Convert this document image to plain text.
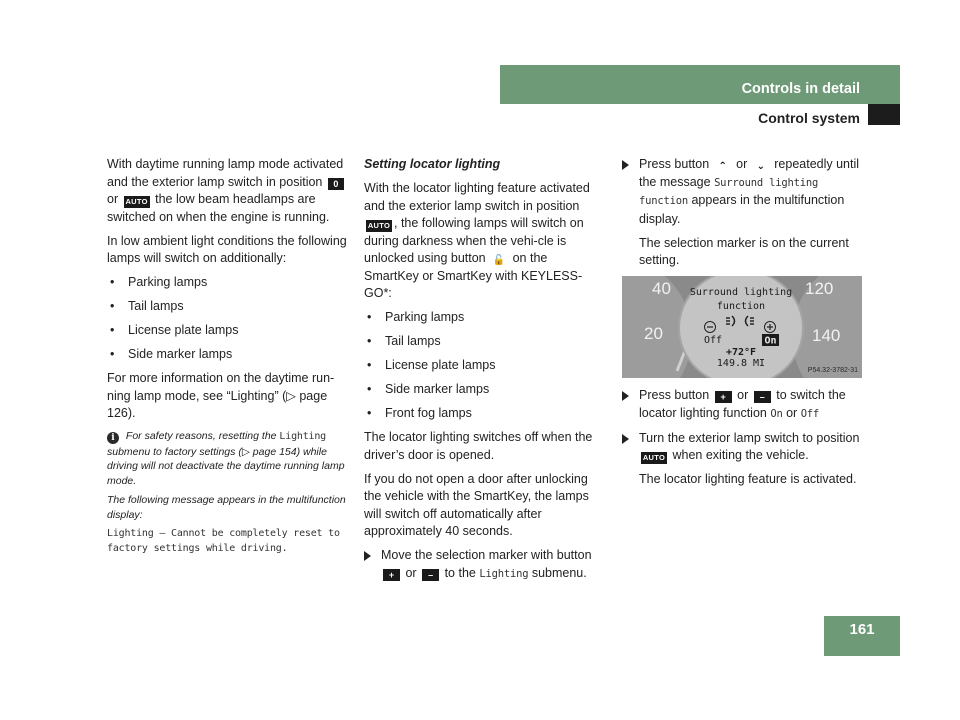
Controls in detail
Control system

With daytime running lamp mode activated and the exterior lamp switch in position 0 or AUTO the low beam headlamps are switched on when the engine is running.

In low ambient light conditions the following lamps will switch on additionally:

• Parking lamps
• Tail lamps
• License plate lamps
• Side marker lamps

For more information on the daytime run-ning lamp mode, see “Lighting” (▷ page 126).

i For safety reasons, resetting the Lighting submenu to factory settings (▷ page 154) while driving will not deactivate the daytime running lamp mode.

The following message appears in the multifunction display:

Lighting – Cannot be completely reset to factory settings while driving.

Setting locator lighting

With the locator lighting feature activated and the exterior lamp switch in position AUTO , the following lamps will switch on during darkness when the vehi-cle is unlocked using button 🔓 on the SmartKey or SmartKey with KEYLESS-GO*:

• Parking lamps
• Tail lamps
• License plate lamps
• Side marker lamps
• Front fog lamps

The locator lighting switches off when the driver’s door is opened.

If you do not open a door after unlocking the vehicle with the SmartKey, the lamps will switch off automatically after approximately 40 seconds.

Move the selection marker with button + or – to the Lighting submenu.
Press button ⌃ or ⌄ repeatedly until the message Surround lighting function appears in the multifunction display.

The selection marker is on the current setting.

40
20
120
140
Surround lighting
function
Off	On
+72°F
149.8 MI
P54.32-3782-31
Press button + or – to switch the locator lighting function On or Off
Turn the exterior lamp switch to position AUTO when exiting the vehicle.

The locator lighting feature is activated.

161
